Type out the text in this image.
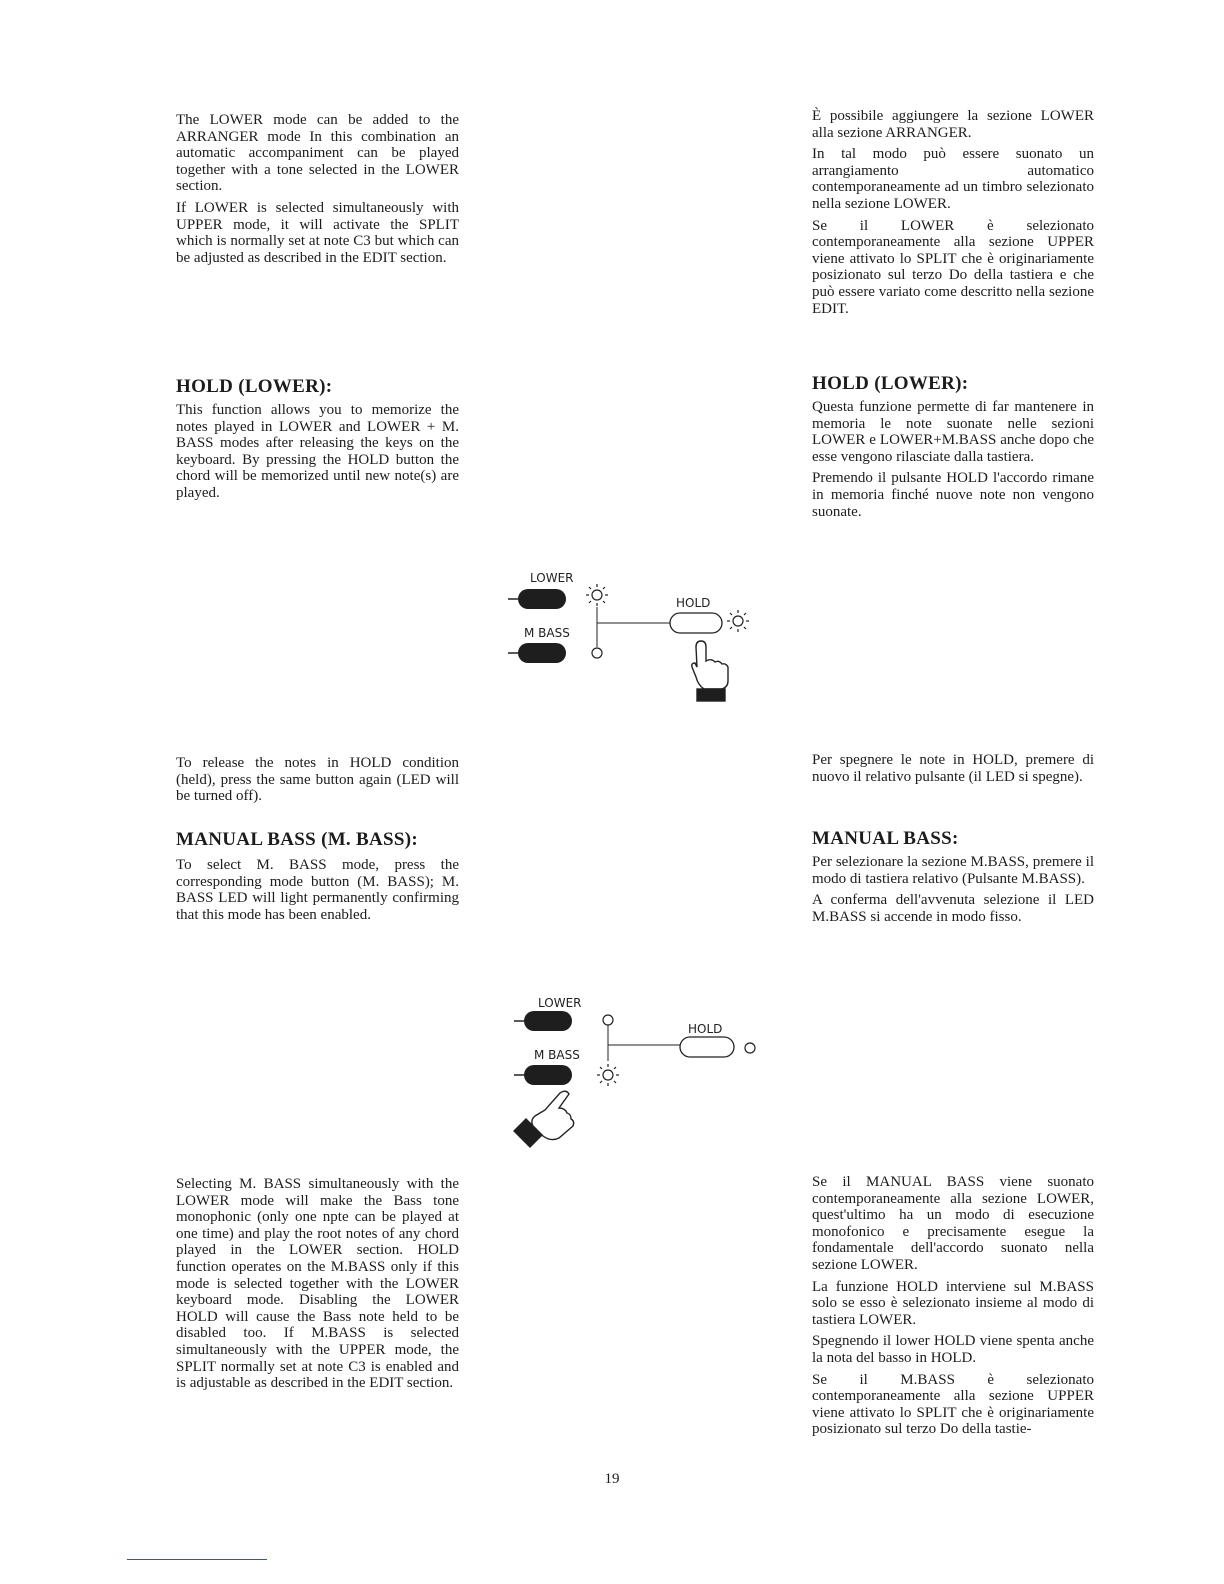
The LOWER mode can be added to the ARRANGER mode In this combination an automatic accompaniment can be played together with a tone selected in the LOWER section.

If LOWER is selected simultaneously with UPPER mode, it will activate the SPLIT which is normally set at note C3 but which can be adjusted as described in the EDIT section.

HOLD (LOWER):

This function allows you to memorize the notes played in LOWER and LOWER + M. BASS modes after releasing the keys on the keyboard. By pressing the HOLD button the chord will be memorized until new note(s) are played.

To release the notes in HOLD condition (held), press the same button again (LED will be turned off).

MANUAL BASS (M. BASS):

To select M. BASS mode, press the corresponding mode button (M. BASS); M. BASS LED will light permanently confirming that this mode has been enabled.

Selecting M. BASS simultaneously with the LOWER mode will make the Bass tone monophonic (only one npte can be played at one time) and play the root notes of any chord played in the LOWER section. HOLD function operates on the M.BASS only if this mode is selected together with the LOWER keyboard mode. Disabling the LOWER HOLD will cause the Bass note held to be disabled too. If M.BASS is selected simultaneously with the UPPER mode, the SPLIT normally set at note C3 is enabled and is adjustable as described in the EDIT section.

È possibile aggiungere la sezione LOWER alla sezione ARRANGER.

In tal modo può essere suonato un arrangiamento automatico contemporaneamente ad un timbro selezionato nella sezione LOWER.

Se il LOWER è selezionato contemporaneamente alla sezione UPPER viene attivato lo SPLIT che è originariamente posizionato sul terzo Do della tastiera e che può essere variato come descritto nella sezione EDIT.

HOLD (LOWER):

Questa funzione permette di far mantenere in memoria le note suonate nelle sezioni LOWER e LOWER+M.BASS anche dopo che esse vengono rilasciate dalla tastiera.

Premendo il pulsante HOLD l'accordo rimane in memoria finché nuove note non vengono suonate.

Per spegnere le note in HOLD, premere di nuovo il relativo pulsante (il LED si spegne).

MANUAL BASS:

Per selezionare la sezione M.BASS, premere il modo di tastiera relativo (Pulsante M.BASS).

A conferma dell'avvenuta selezione il LED M.BASS si accende in modo fisso.

Se il MANUAL BASS viene suonato contemporaneamente alla sezione LOWER, quest'ultimo ha un modo di esecuzione monofonico e precisamente esegue la fondamentale dell'accordo suonato nella sezione LOWER.

La funzione HOLD interviene sul M.BASS solo se esso è selezionato insieme al modo di tastiera LOWER.

Spegnendo il lower HOLD viene spenta anche la nota del basso in HOLD.

Se il M.BASS è selezionato contemporaneamente alla sezione UPPER viene attivato lo SPLIT che è originariamente posizionato sul terzo Do della tastie-

LOWER
M BASS
HOLD
LOWER
M BASS
HOLD
19
